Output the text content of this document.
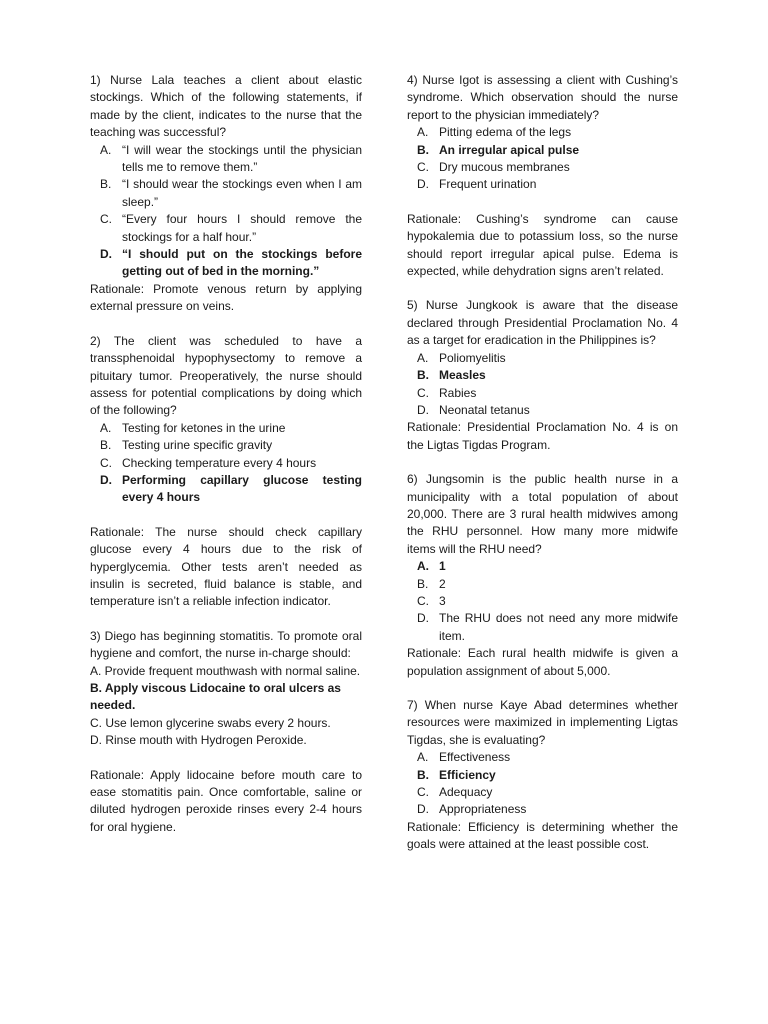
1) Nurse Lala teaches a client about elastic stockings. Which of the following statements, if made by the client, indicates to the nurse that the teaching was successful?

A. “I will wear the stockings until the physician tells me to remove them.”
B. “I should wear the stockings even when I am sleep.”
C. “Every four hours I should remove the stockings for a half hour.”
D. “I should put on the stockings before getting out of bed in the morning.”

Rationale: Promote venous return by applying external pressure on veins.

2) The client was scheduled to have a transsphenoidal hypophysectomy to remove a pituitary tumor. Preoperatively, the nurse should assess for potential complications by doing which of the following?

A. Testing for ketones in the urine
B. Testing urine specific gravity
C. Checking temperature every 4 hours
D. Performing capillary glucose testing every 4 hours

Rationale: The nurse should check capillary glucose every 4 hours due to the risk of hyperglycemia. Other tests aren’t needed as insulin is secreted, fluid balance is stable, and temperature isn’t a reliable infection indicator.

3) Diego has beginning stomatitis. To promote oral hygiene and comfort, the nurse in-charge should:

A. Provide frequent mouthwash with normal saline.

B. Apply viscous Lidocaine to oral ulcers as needed.

C. Use lemon glycerine swabs every 2 hours.

D. Rinse mouth with Hydrogen Peroxide.

Rationale: Apply lidocaine before mouth care to ease stomatitis pain. Once comfortable, saline or diluted hydrogen peroxide rinses every 2-4 hours for oral hygiene.

4) Nurse Igot is assessing a client with Cushing’s syndrome. Which observation should the nurse report to the physician immediately?

A. Pitting edema of the legs
B. An irregular apical pulse
C. Dry mucous membranes
D. Frequent urination

Rationale: Cushing’s syndrome can cause hypokalemia due to potassium loss, so the nurse should report irregular apical pulse. Edema is expected, while dehydration signs aren’t related.

5) Nurse Jungkook is aware that the disease declared through Presidential Proclamation No. 4 as a target for eradication in the Philippines is?

A. Poliomyelitis
B. Measles
C. Rabies
D. Neonatal tetanus

Rationale: Presidential Proclamation No. 4 is on the Ligtas Tigdas Program.

6) Jungsomin is the public health nurse in a municipality with a total population of about 20,000. There are 3 rural health midwives among the RHU personnel. How many more midwife items will the RHU need?

A. 1
B. 2
C. 3
D. The RHU does not need any more midwife item.

Rationale: Each rural health midwife is given a population assignment of about 5,000.

7) When nurse Kaye Abad determines whether resources were maximized in implementing Ligtas Tigdas, she is evaluating?

A. Effectiveness
B. Efficiency
C. Adequacy
D. Appropriateness

Rationale: Efficiency is determining whether the goals were attained at the least possible cost.
